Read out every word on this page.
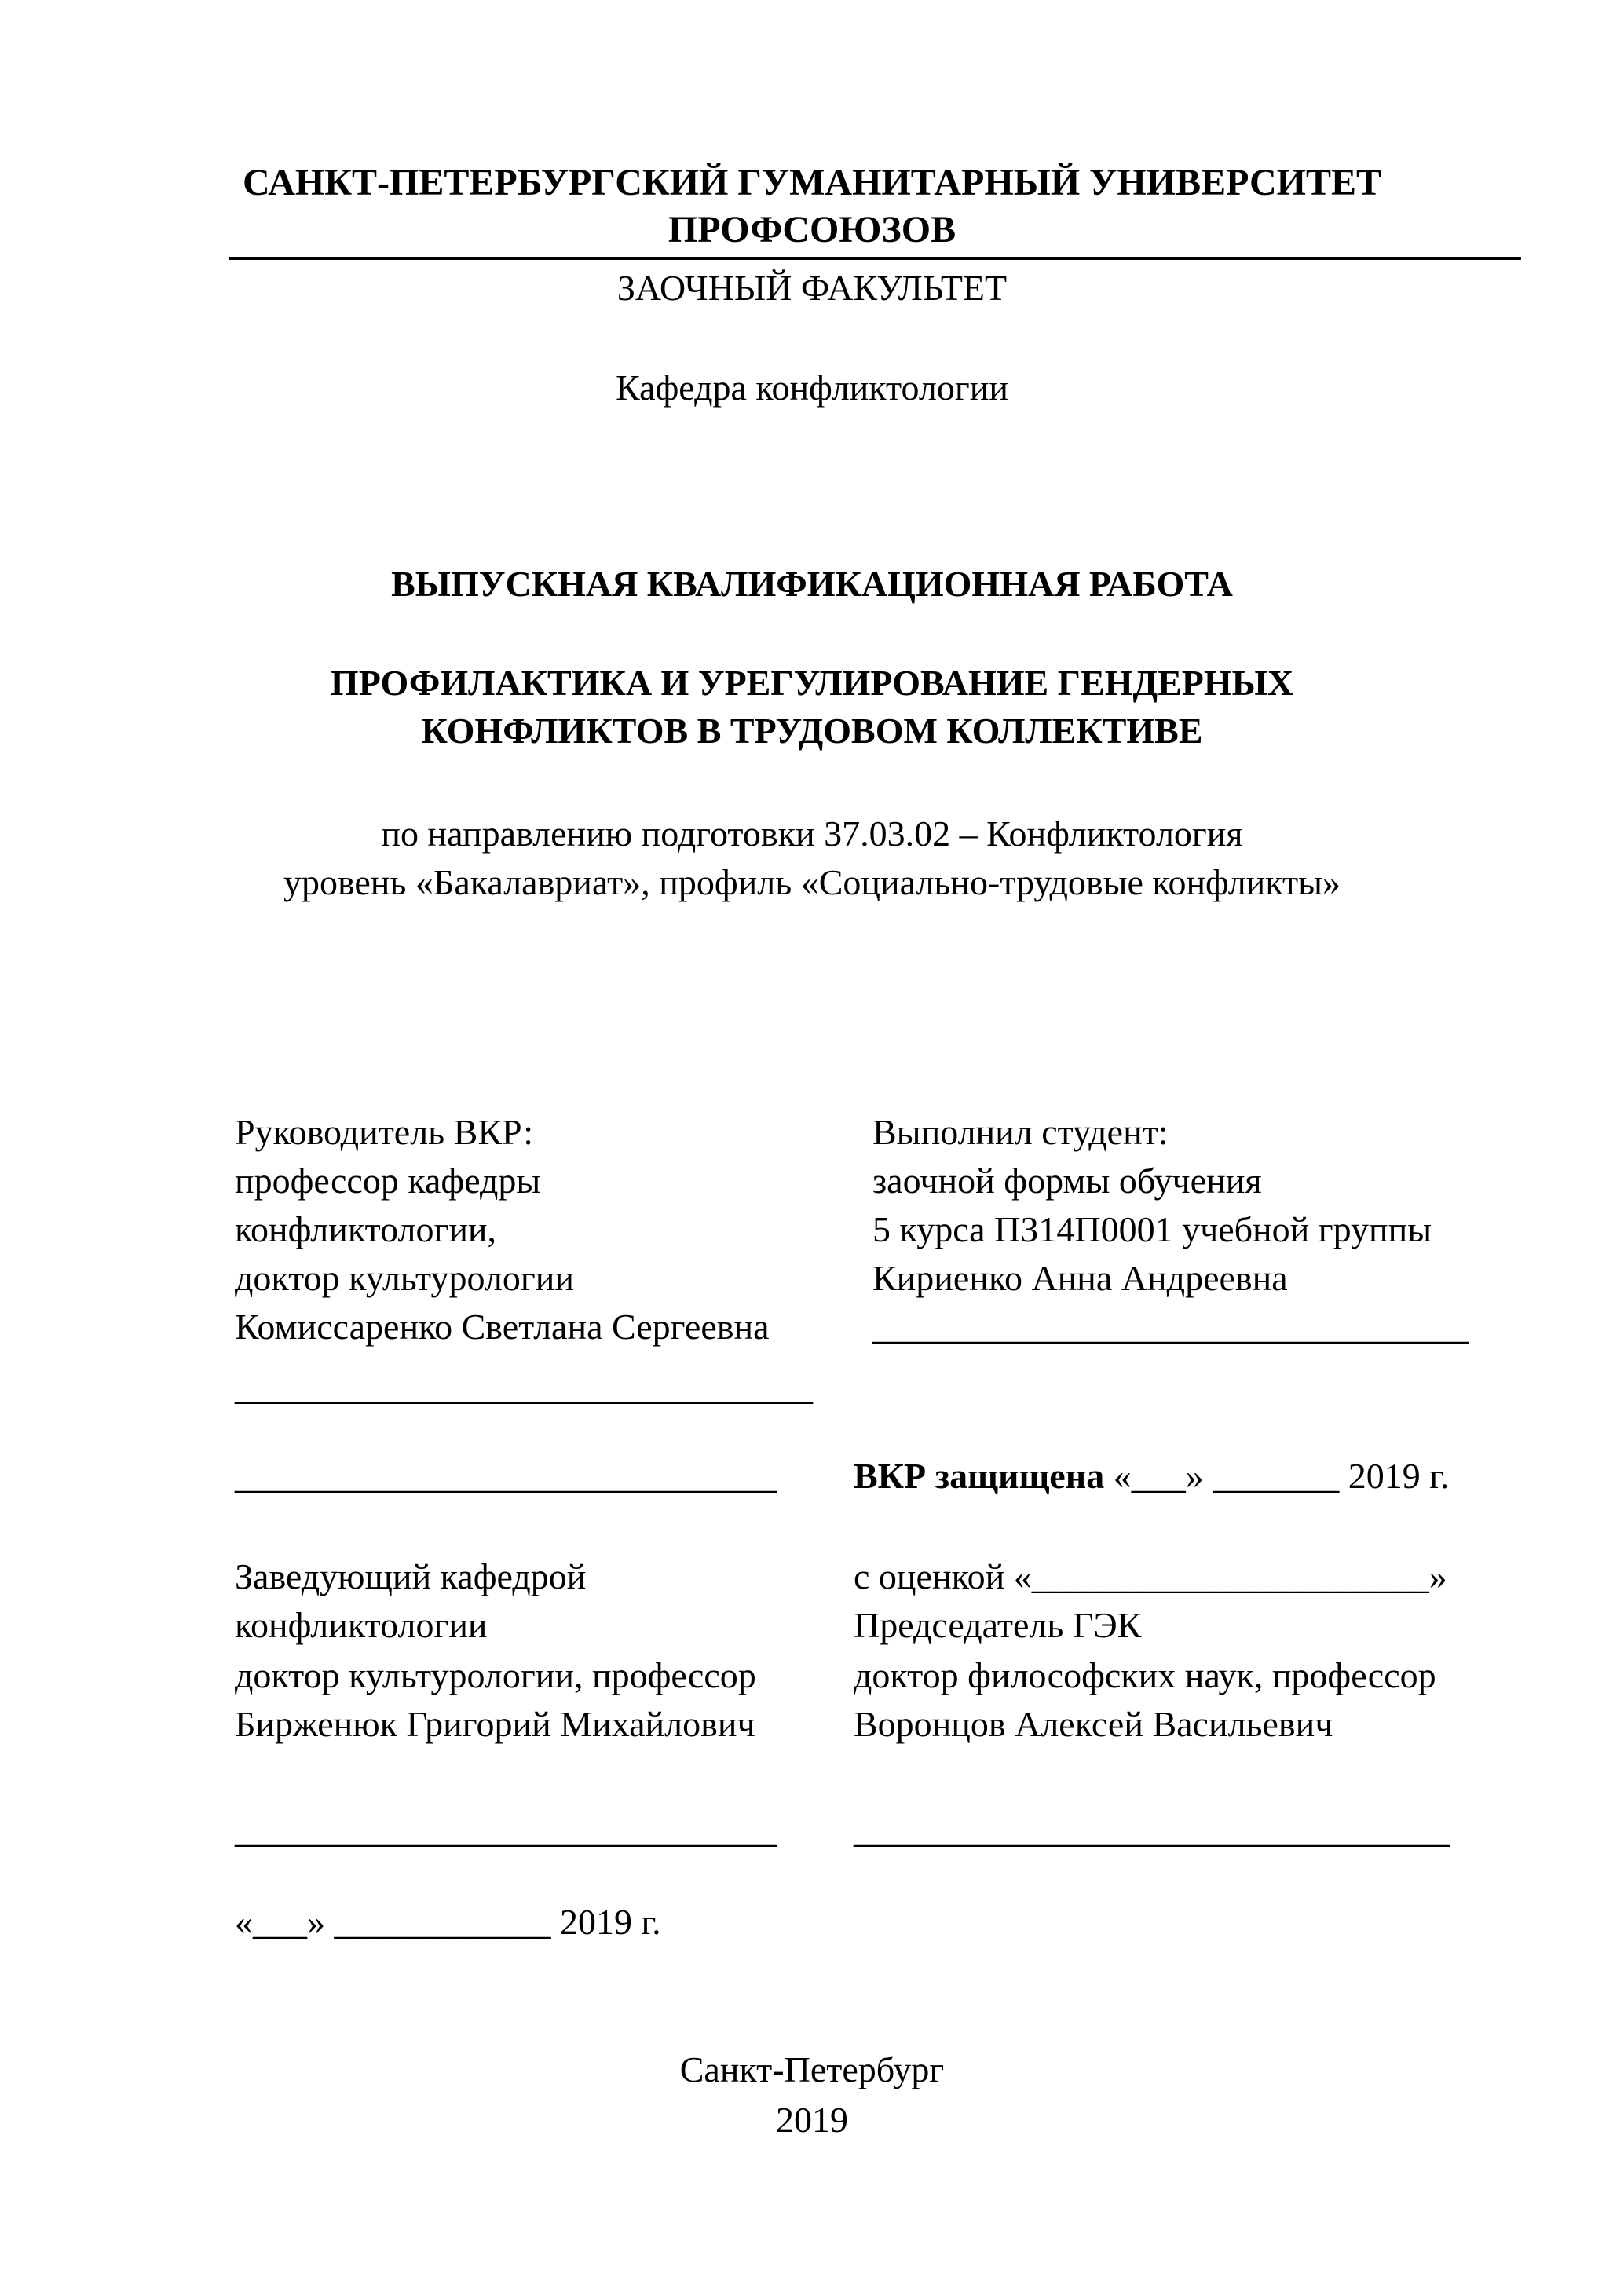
САНКТ-ПЕТЕРБУРГСКИЙ ГУМАНИТАРНЫЙ УНИВЕРСИТЕТ
ПРОФСОЮЗОВ
ЗАОЧНЫЙ ФАКУЛЬТЕТ
Кафедра конфликтологии
ВЫПУСКНАЯ КВАЛИФИКАЦИОННАЯ РАБОТА
ПРОФИЛАКТИКА И УРЕГУЛИРОВАНИЕ ГЕНДЕРНЫХ
КОНФЛИКТОВ В ТРУДОВОМ КОЛЛЕКТИВЕ
по направлению подготовки 37.03.02 – Конфликтология
уровень «Бакалавриат», профиль «Социально-трудовые конфликты»
Руководитель ВКР:
профессор кафедры
конфликтологии,
доктор культурологии
Комиссаренко Светлана Сергеевна
________________________________
Выполнил студент:
заочной формы обучения
5 курса ПЗ14П0001 учебной группы
Кириенко Анна Андреевна
_________________________________
______________________________ ВКР защищена «___» _______ 2019 г.
Заведующий кафедрой
конфликтологии
доктор культурологии, профессор
Бирженюк Григорий Михайлович
______________________________
«___» ____________ 2019 г.
с оценкой «______________________»
Председатель ГЭК
доктор философских наук, профессор
Воронцов Алексей Васильевич
_________________________________
Санкт-Петербург
2019
